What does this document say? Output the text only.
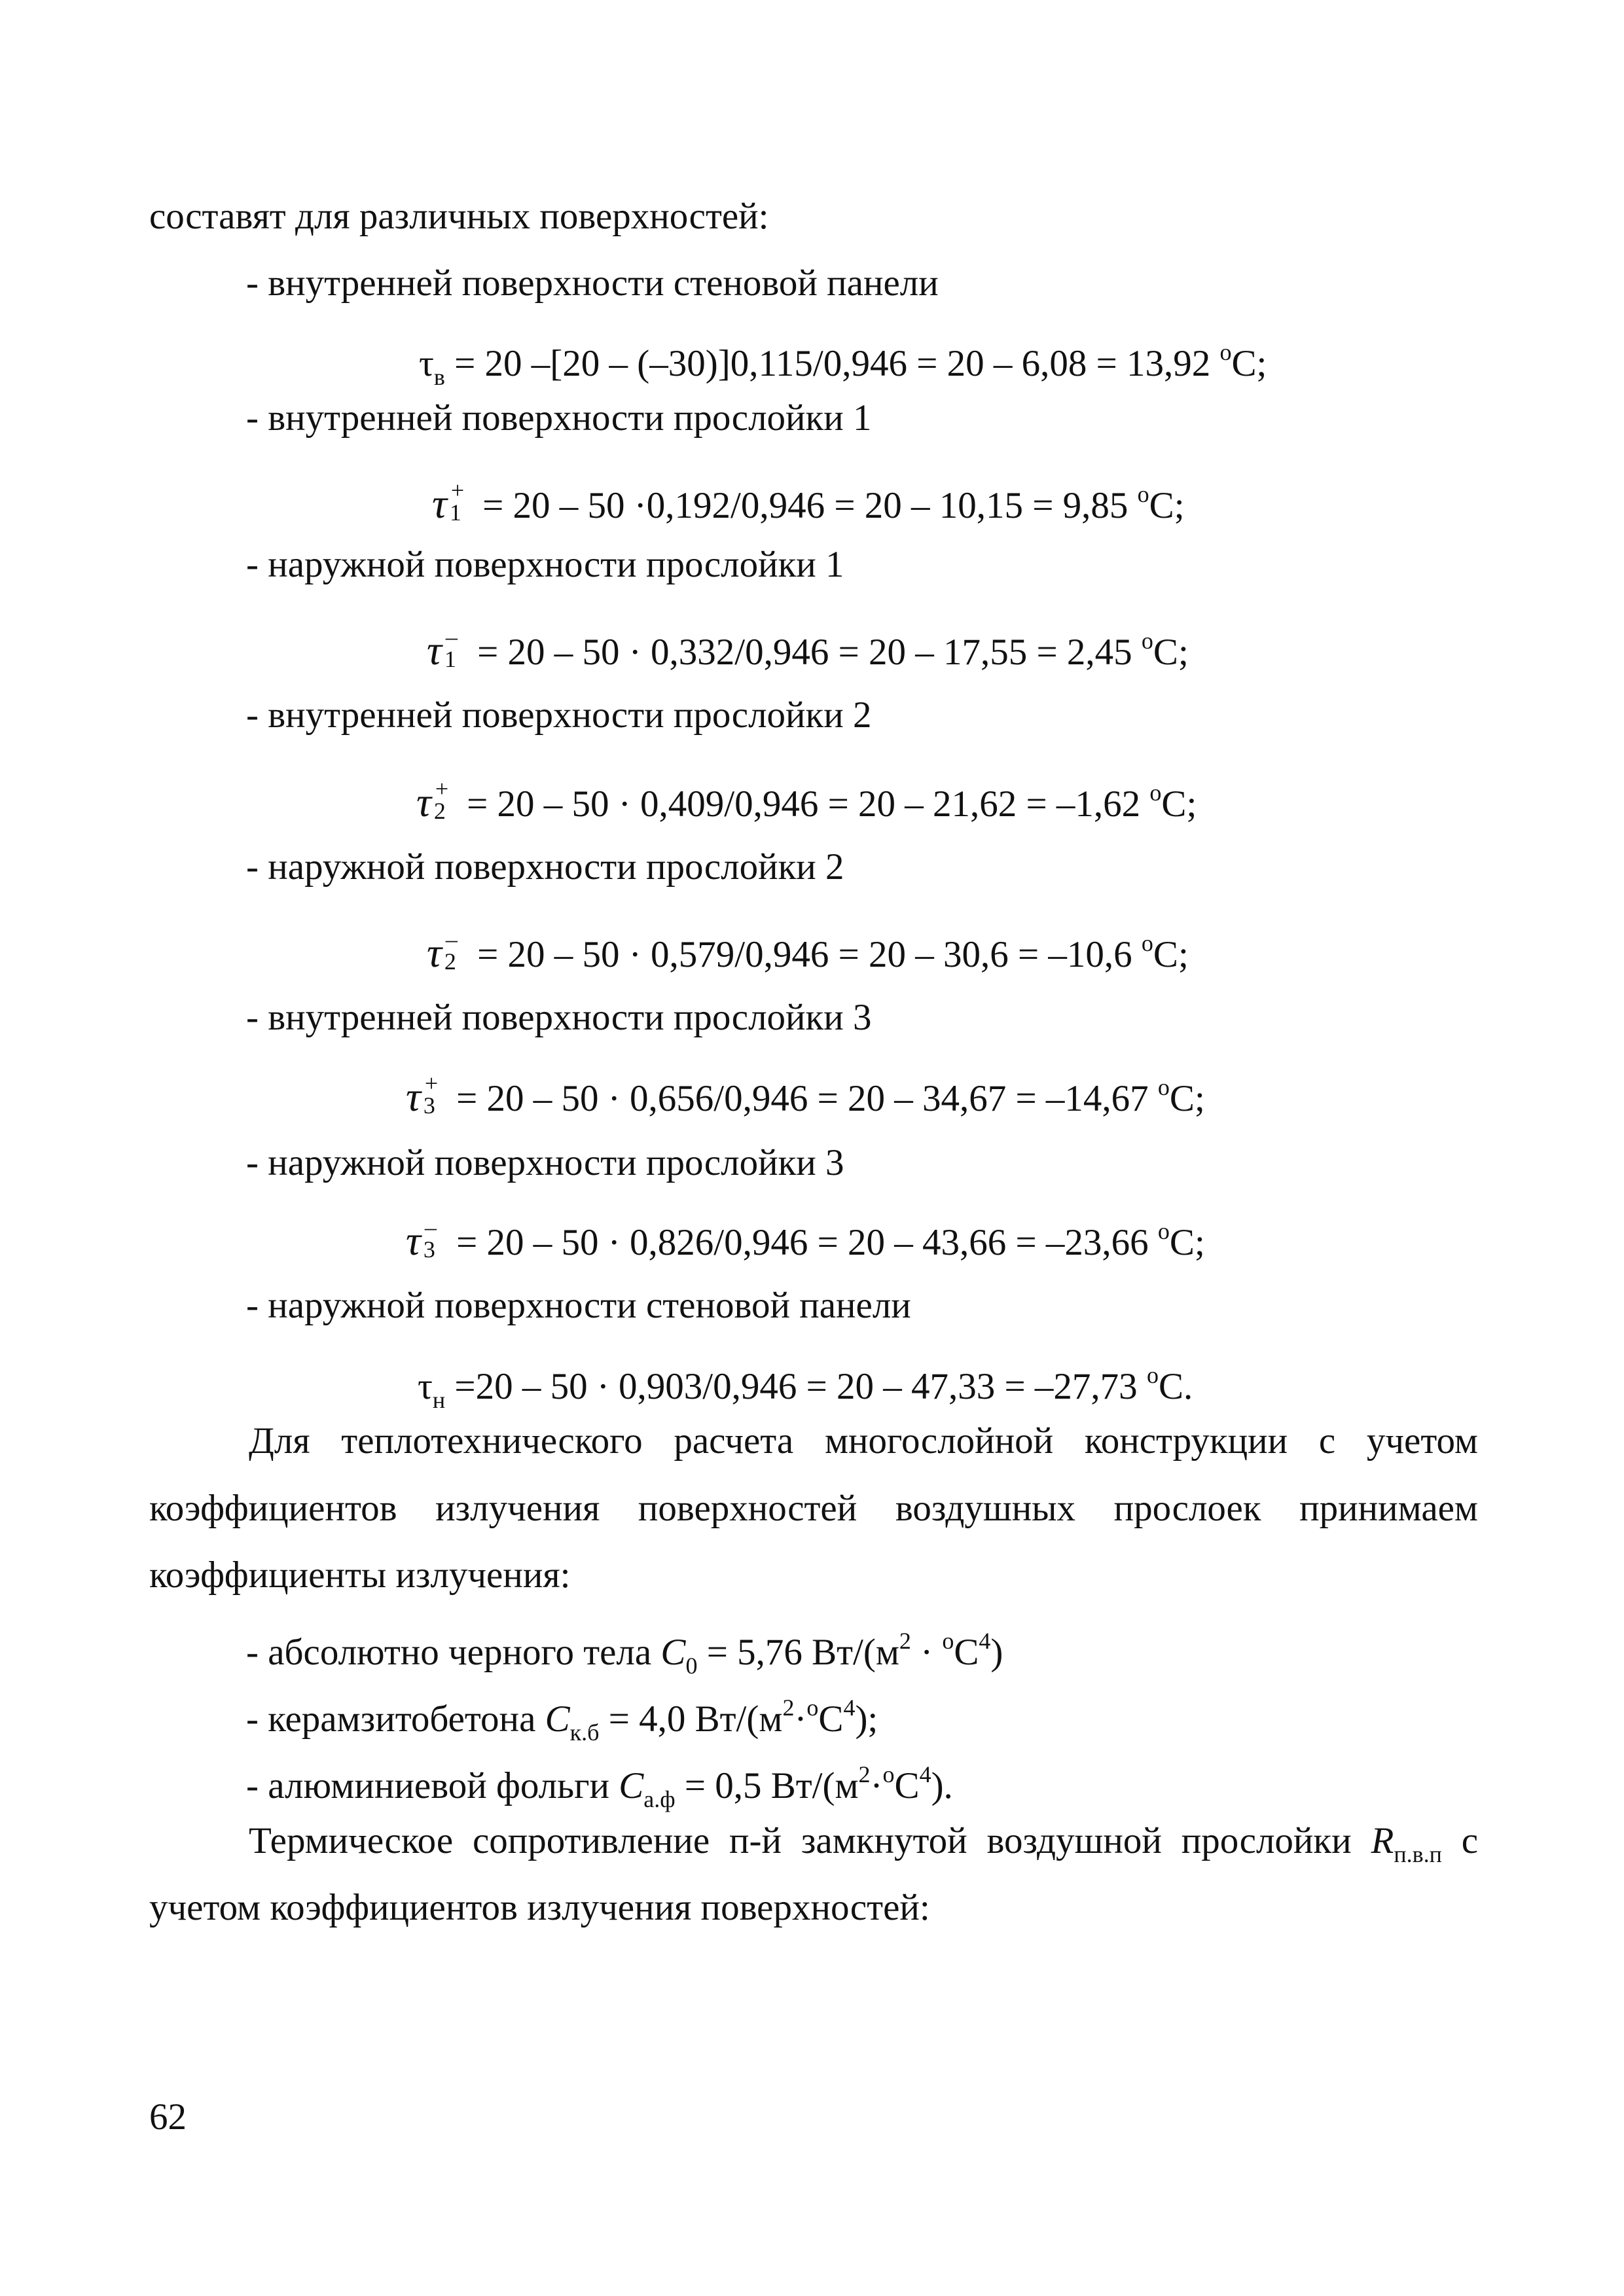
составят для различных поверхностей:
- внутренней поверхности стеновой панели
$\tau_в = 20$ –[20 – (–30)]0,115/0,946 = 20 – 6,08 = 13,92 $^о$С;
- внутренней поверхности прослойки 1
τ +
1 = 20 – 50 ·0,192/0,946 = 20 – 10,15 = 9,85 $^о$С;
- наружной поверхности прослойки 1
τ –
1 = 20 – 50 · 0,332/0,946 = 20 – 17,55 = 2,45 $^о$С;
- внутренней поверхности прослойки 2
τ +
2 = 20 – 50 · 0,409/0,946 = 20 – 21,62 = –1,62 $^о$С;
- наружной поверхности прослойки 2
τ –
2 = 20 – 50 · 0,579/0,946 = 20 – 30,6 = –10,6 $^о$С;
- внутренней поверхности прослойки 3
τ +
3 = 20 – 50 · 0,656/0,946 = 20 – 34,67 = –14,67 $^о$С;
- наружной поверхности прослойки 3
τ –
3 = 20 – 50 · 0,826/0,946 = 20 – 43,66 = –23,66 $^о$С;
- наружной поверхности стеновой панели
$\tau_н =20 - 50 \cdot 0,903/0,946 = 20 - 47,33 = -27,73$ $^о$С.
Для теплотехнического расчета многослойной конструкции с учетом
коэффициентов излучения поверхностей воздушных прослоек принимаем
коэффициенты излучения:
- абсолютно черного тела $C_0 = 5,76$ $Вт/(м^2 \cdot ^оС^4)$
- керамзитобетона $C_{к.б} = 4,0$ $Вт/(м^2\cdot^оС^4)$;
- алюминиевой фольги $C_{а.ф} = 0,5$ $Вт/(м^2\cdot^оС^4)$.
Термическое сопротивление п-й замкнутой воздушной прослойки $R_{п.в.п}$ с
учетом коэффициентов излучения поверхностей:
62
